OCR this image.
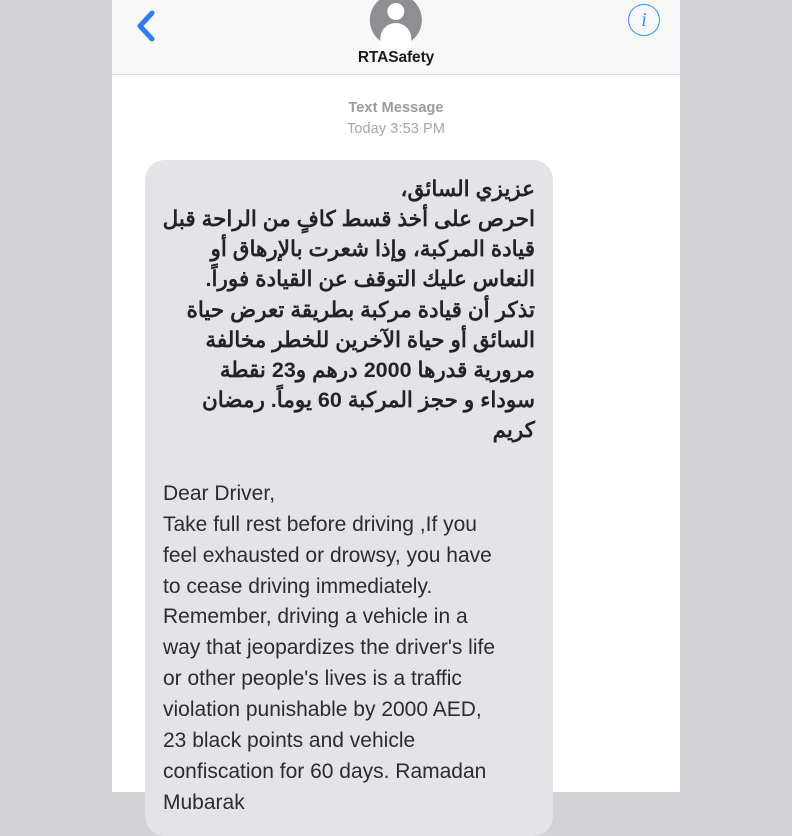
RTASafety
i
Text Message
Today 3:53 PM
عزيزي السائق،
احرص على أخذ قسط كافٍ من الراحة قبل
قيادة المركبة، وإذا شعرت بالإرهاق أو
النعاس عليك التوقف عن القيادة فوراً.
تذكر أن قيادة مركبة بطريقة تعرض حياة
السائق أو حياة الآخرين للخطر مخالفة
مرورية قدرها 2000 درهم و23 نقطة
سوداء و حجز المركبة 60 يوماً. رمضان
كريم
Dear Driver,
Take full rest before driving ,If you
feel exhausted or drowsy, you have
to cease driving immediately.
Remember, driving a vehicle in a
way that jeopardizes the driver's life
or other people's lives is a traffic
violation punishable by 2000 AED,
23 black points and vehicle
confiscation for 60 days. Ramadan
Mubarak
